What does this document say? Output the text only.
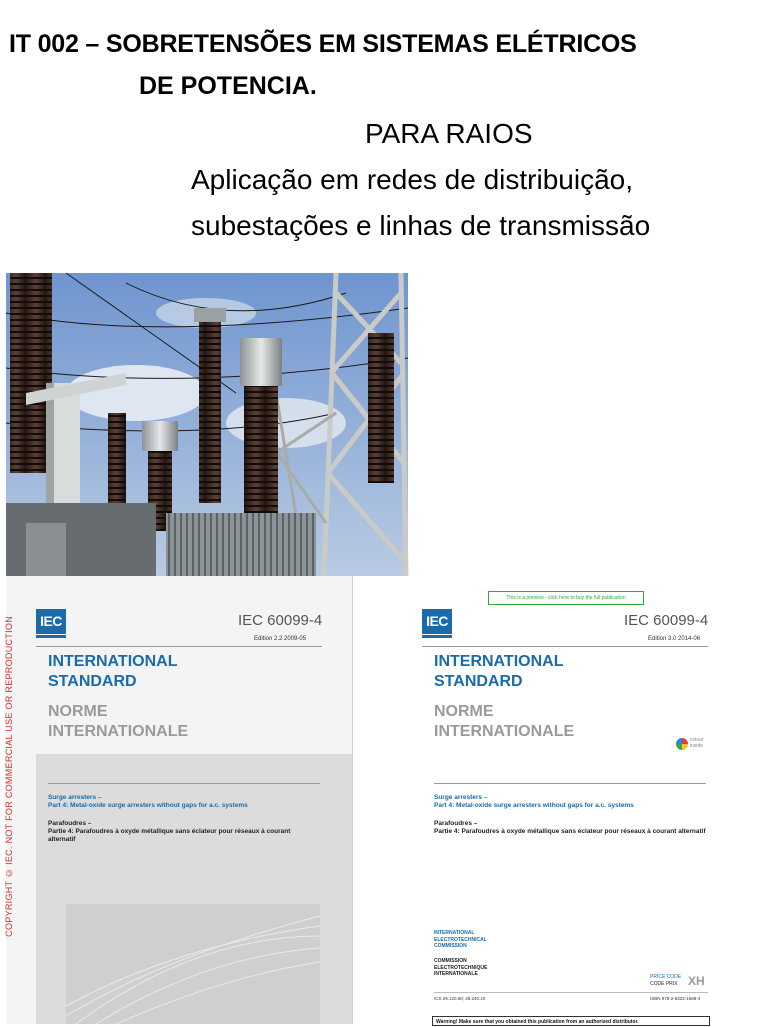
IT 002 – SOBRETENSÕES EM SISTEMAS ELÉTRICOS
DE POTENCIA.
PARA RAIOS
Aplicação em redes de distribuição,
subestações e linhas de transmissão
COPYRIGHT © IEC. NOT FOR COMMERCIAL USE OR REPRODUCTION IEC	IEC 60099-4
Edition 2.2 2009-05
INTERNATIONAL
STANDARD
NORME
INTERNATIONALE
Surge arresters –
Part 4: Metal-oxide surge arresters without gaps for a.c. systems
Parafoudres –
Partie 4: Parafoudres à oxyde métallique sans éclateur pour réseaux à courant alternatif
This is a preview - click here to buy the full publication
IEC	IEC 60099-4
Edition 3.0 2014-06
INTERNATIONAL
STANDARD
NORME
INTERNATIONALE	colour
inside
Surge arresters –
Part 4: Metal-oxide surge arresters without gaps for a.c. systems
Parafoudres –
Partie 4: Parafoudres à oxyde métallique sans éclateur pour réseaux à courant alternatif
INTERNATIONAL
ELECTROTECHNICAL
COMMISSION
COMMISSION
ELECTROTECHNIQUE
INTERNATIONALE	PRICE CODE
CODE PRIX XH
ICS 29.120.50; 29.240.10	ISBN 978-2-8322-1688-3
Warning! Make sure that you obtained this publication from an authorized distributor.
